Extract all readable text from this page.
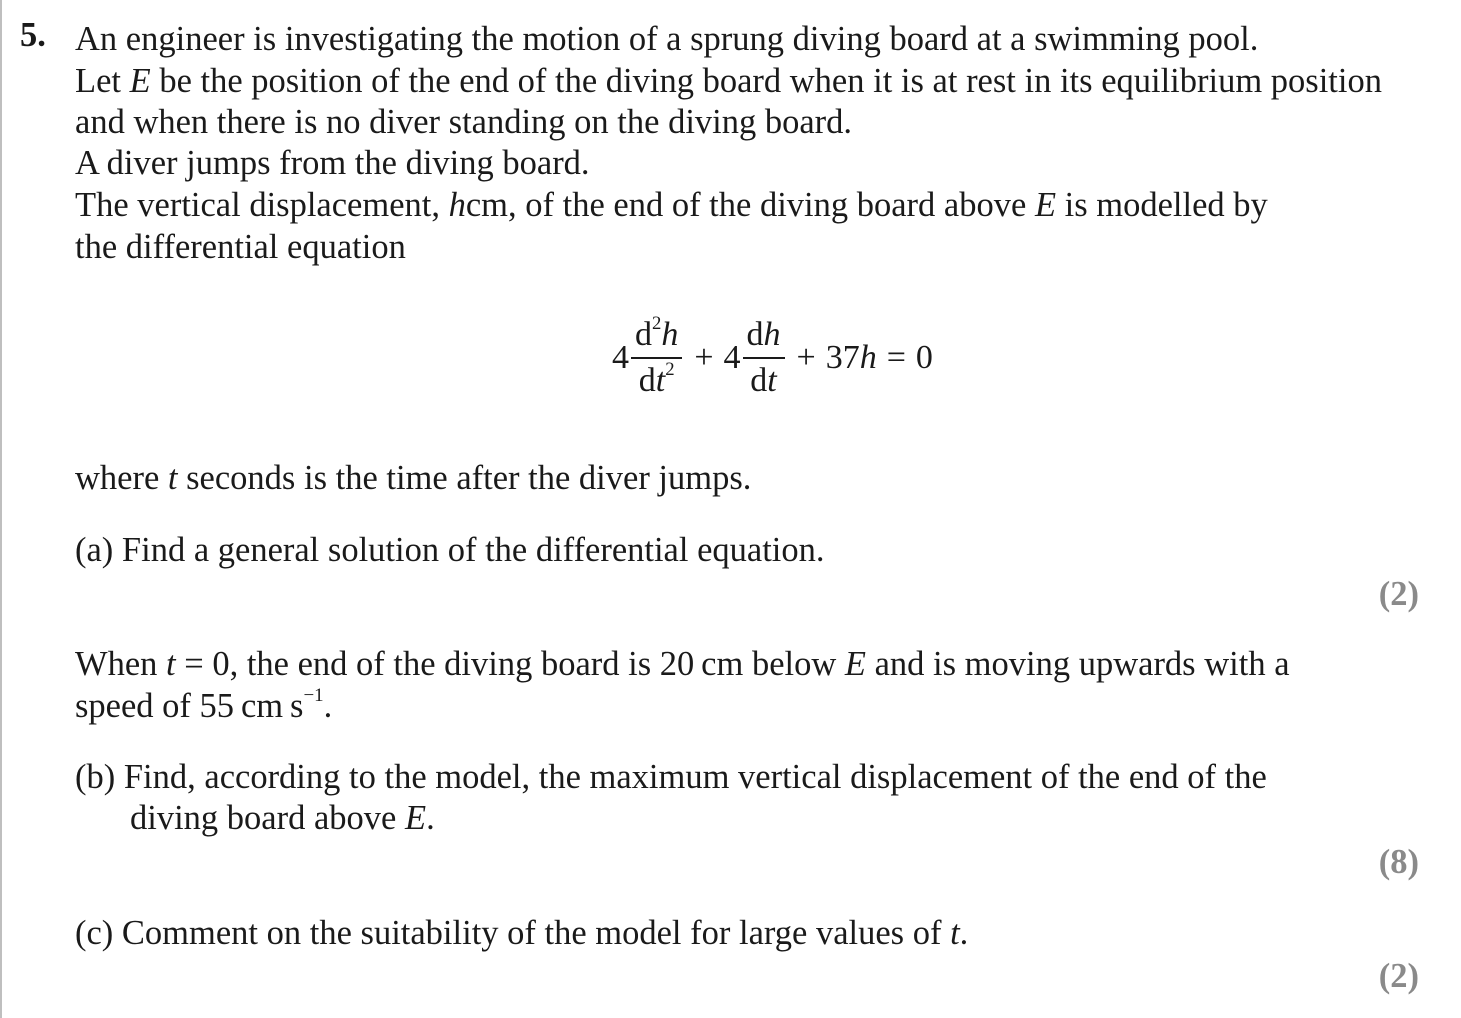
5. An engineer is investigating the motion of a sprung diving board at a swimming pool.
Let E be the position of the end of the diving board when it is at rest in its equilibrium position
and when there is no diver standing on the diving board.
A diver jumps from the diving board.
The vertical displacement, hcm, of the end of the diving board above E is modelled by
the differential equation
$4 \frac{d^2h}{dt^2} + 4 \frac{dh}{dt} + 37h = 0$
where t seconds is the time after the diver jumps.
(a) Find a general solution of the differential equation.
(2)
When t = 0, the end of the diving board is 20 cm below E and is moving upwards with a
speed of 55 cm $s^{-1}$.
(b) Find, according to the model, the maximum vertical displacement of the end of the
diving board above E.
(8)
(c) Comment on the suitability of the model for large values of t.
(2)
